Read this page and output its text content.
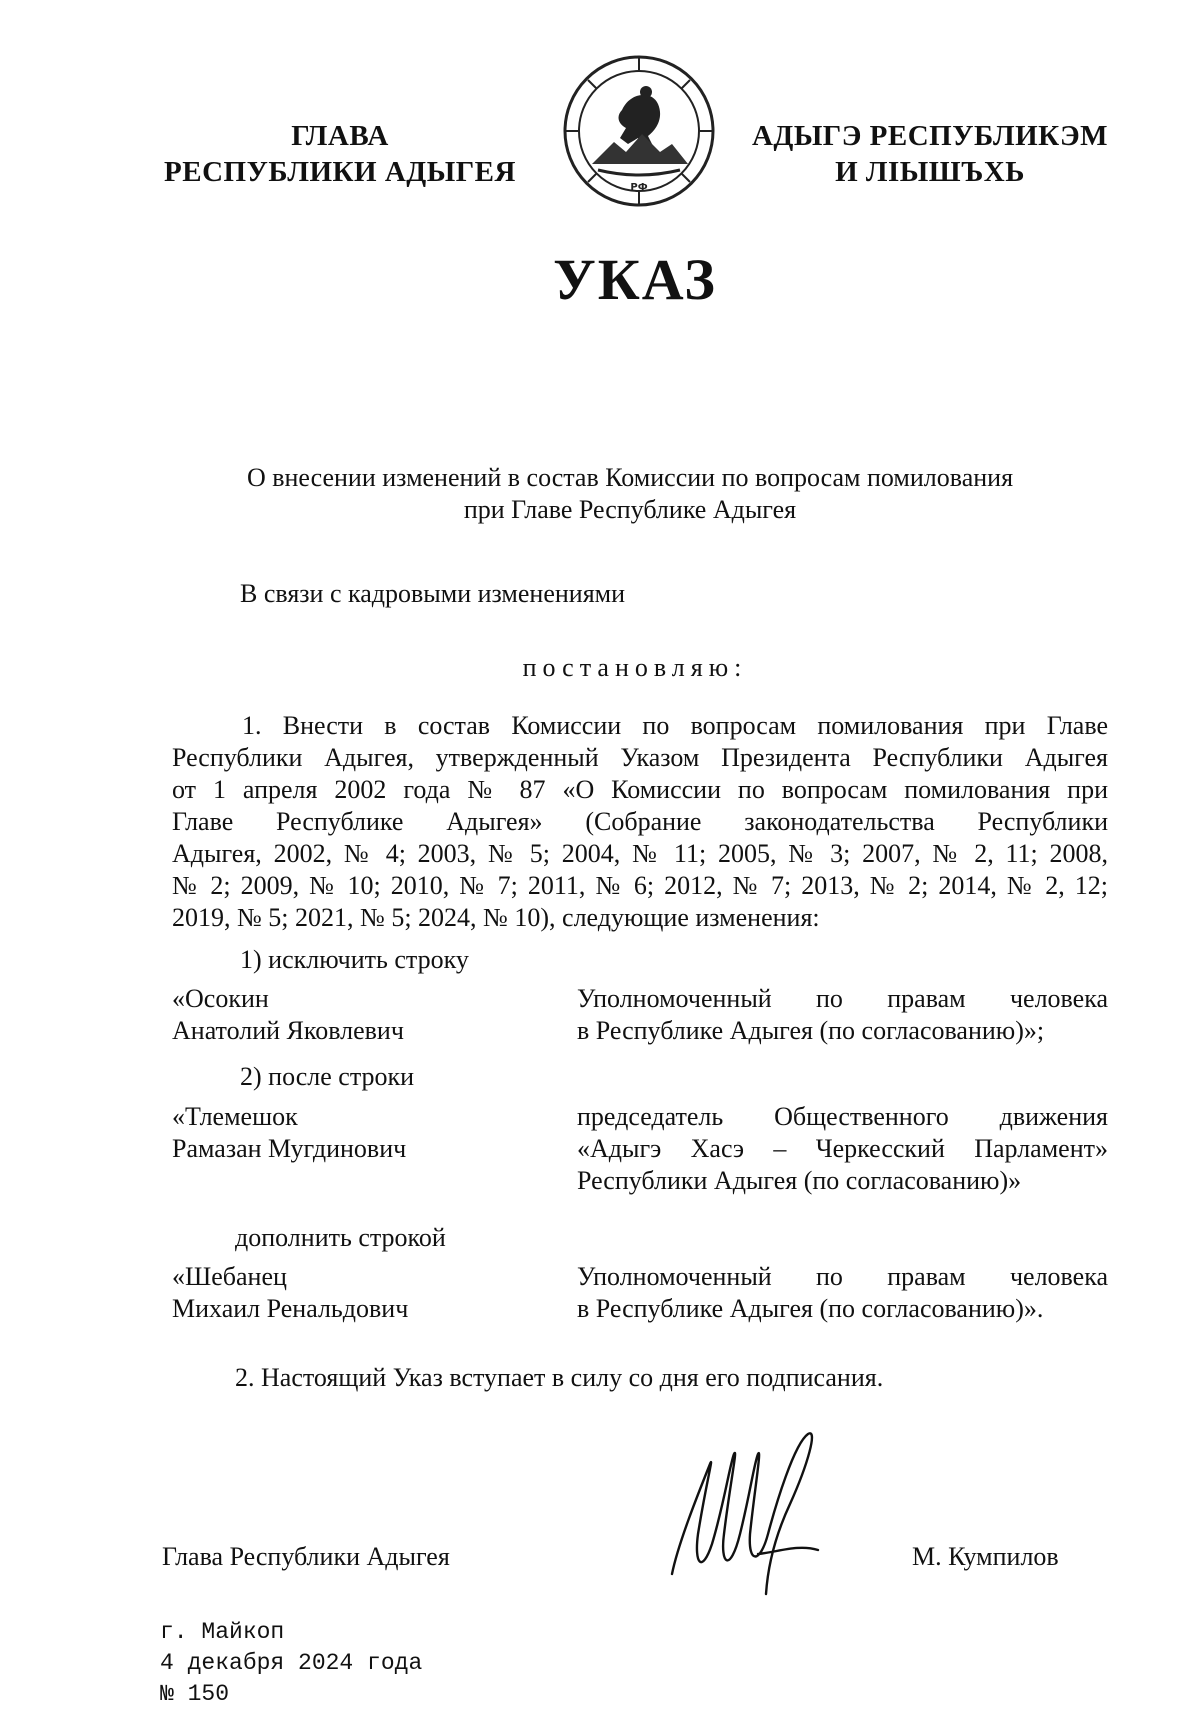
ГЛАВА
РЕСПУБЛИКИ АДЫГЕЯ	РФ
АДЫГЭ РЕСПУБЛИКЭМ
И ЛІЫШЪХЬ
УКАЗ
О внесении изменений в состав Комиссии по вопросам помилования
при Главе Республике Адыгея
В связи с кадровыми изменениями
постановляю:
1. Внести в состав Комиссии по вопросам помилования при Главе
Республики Адыгея, утвержденный Указом Президента Республики Адыгея
от 1 апреля 2002 года № 87 «О Комиссии по вопросам помилования при
Главе Республике Адыгея» (Собрание законодательства Республики
Адыгея, 2002, № 4; 2003, № 5; 2004, № 11; 2005, № 3; 2007, № 2, 11; 2008,
№ 2; 2009, № 10; 2010, № 7; 2011, № 6; 2012, № 7; 2013, № 2; 2014, № 2, 12;
2019, № 5; 2021, № 5; 2024, № 10), следующие изменения:
1) исключить строку
«Осокин
Анатолий Яковлевич
Уполномоченный по правам человека
в Республике Адыгея (по согласованию)»;
2) после строки
«Тлемешок
Рамазан Мугдинович
председатель Общественного движения
«Адыгэ Хасэ – Черкесский Парламент»
Республики Адыгея (по согласованию)»
дополнить строкой
«Шебанец
Михаил Ренальдович
Уполномоченный по правам человека
в Республике Адыгея (по согласованию)».
2. Настоящий Указ вступает в силу со дня его подписания.
Глава Республики Адыгея	М. Кумпилов
г. Майкоп
4 декабря 2024 года
№ 150
